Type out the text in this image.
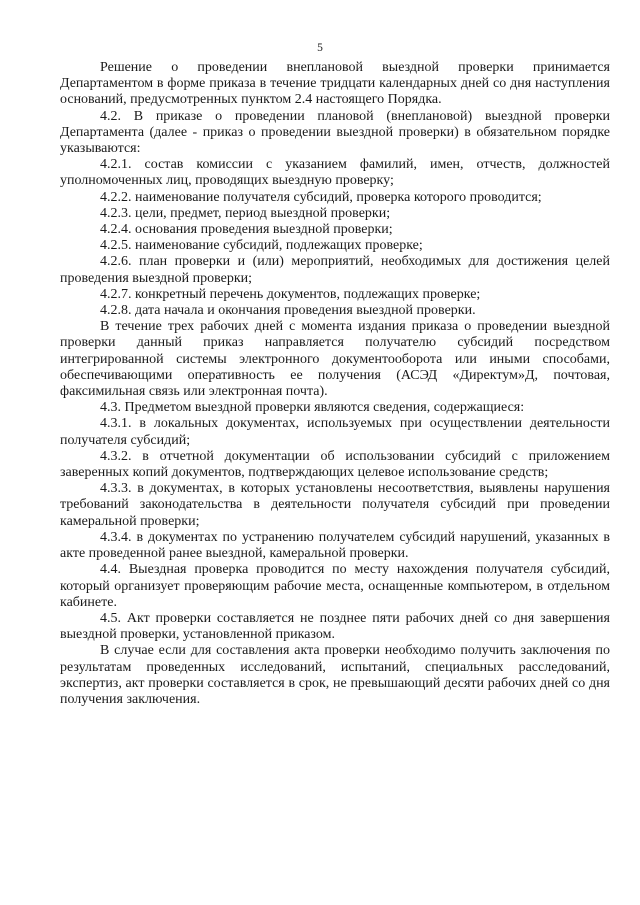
5

Решение о проведении внеплановой выездной проверки принимается Департаментом в форме приказа в течение тридцати календарных дней со дня наступления оснований, предусмотренных пунктом 2.4 настоящего Порядка.

4.2. В приказе о проведении плановой (внеплановой) выездной проверки Департамента (далее - приказ о проведении выездной проверки) в обязательном порядке указываются:

4.2.1. состав комиссии с указанием фамилий, имен, отчеств, должностей уполномоченных лиц, проводящих выездную проверку;

4.2.2. наименование получателя субсидий, проверка которого проводится;

4.2.3. цели, предмет, период выездной проверки;

4.2.4. основания проведения выездной проверки;

4.2.5. наименование субсидий, подлежащих проверке;

4.2.6. план проверки и (или) мероприятий, необходимых для достижения целей проведения выездной проверки;

4.2.7. конкретный перечень документов, подлежащих проверке;

4.2.8. дата начала и окончания проведения выездной проверки.

В течение трех рабочих дней с момента издания приказа о проведении выездной проверки данный приказ направляется получателю субсидий посредством интегрированной системы электронного документооборота или иными способами, обеспечивающими оперативность ее получения (АСЭД «Директум»Д, почтовая, факсимильная связь или электронная почта).

4.3. Предметом выездной проверки являются сведения, содержащиеся:

4.3.1. в локальных документах, используемых при осуществлении деятельности получателя субсидий;

4.3.2. в отчетной документации об использовании субсидий с приложением заверенных копий документов, подтверждающих целевое использование средств;

4.3.3. в документах, в которых установлены несоответствия, выявлены нарушения требований законодательства в деятельности получателя субсидий при проведении камеральной проверки;

4.3.4. в документах по устранению получателем субсидий нарушений, указанных в акте проведенной ранее выездной, камеральной проверки.

4.4. Выездная проверка проводится по месту нахождения получателя субсидий, который организует проверяющим рабочие места, оснащенные компьютером, в отдельном кабинете.

4.5. Акт проверки составляется не позднее пяти рабочих дней со дня завершения выездной проверки, установленной приказом.

В случае если для составления акта проверки необходимо получить заключения по результатам проведенных исследований, испытаний, специальных расследований, экспертиз, акт проверки составляется в срок, не превышающий десяти рабочих дней со дня получения заключения.
